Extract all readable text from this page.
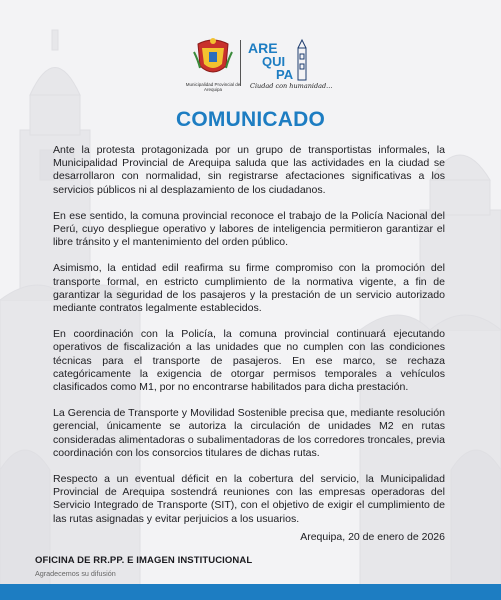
Municipalidad Provincial de Arequipa
ARE
QUI
PA
Ciudad con humanidad...
COMUNICADO

Ante la protesta protagonizada por un grupo de transportistas informales, la Municipalidad Provincial de Arequipa saluda que las actividades en la ciudad se desarrollaron con normalidad, sin registrarse afectaciones significativas a los servicios públicos ni al desplazamiento de los ciudadanos.

En ese sentido, la comuna provincial reconoce el trabajo de la Policía Nacional del Perú, cuyo despliegue operativo y labores de inteligencia permitieron garantizar el libre tránsito y el mantenimiento del orden público.

Asimismo, la entidad edil reafirma su firme compromiso con la promoción del transporte formal, en estricto cumplimiento de la normativa vigente, a fin de garantizar la seguridad de los pasajeros y la prestación de un servicio autorizado mediante contratos legalmente establecidos.

En coordinación con la Policía, la comuna provincial continuará ejecutando operativos de fiscalización a las unidades que no cumplen con las condiciones técnicas para el transporte de pasajeros. En ese marco, se rechaza categóricamente la exigencia de otorgar permisos temporales a vehículos clasificados como M1, por no encontrarse habilitados para dicha prestación.

La Gerencia de Transporte y Movilidad Sostenible precisa que, mediante resolución gerencial, únicamente se autoriza la circulación de unidades M2 en rutas consideradas alimentadoras o subalimentadoras de los corredores troncales, previa coordinación con los consorcios titulares de dichas rutas.

Respecto a un eventual déficit en la cobertura del servicio, la Municipalidad Provincial de Arequipa sostendrá reuniones con las empresas operadoras del Servicio Integrado de Transporte (SIT), con el objetivo de exigir el cumplimiento de las rutas asignadas y evitar perjuicios a los usuarios.

Arequipa, 20 de enero de 2026
OFICINA DE RR.PP. E IMAGEN INSTITUCIONAL
Agradecemos su difusión
